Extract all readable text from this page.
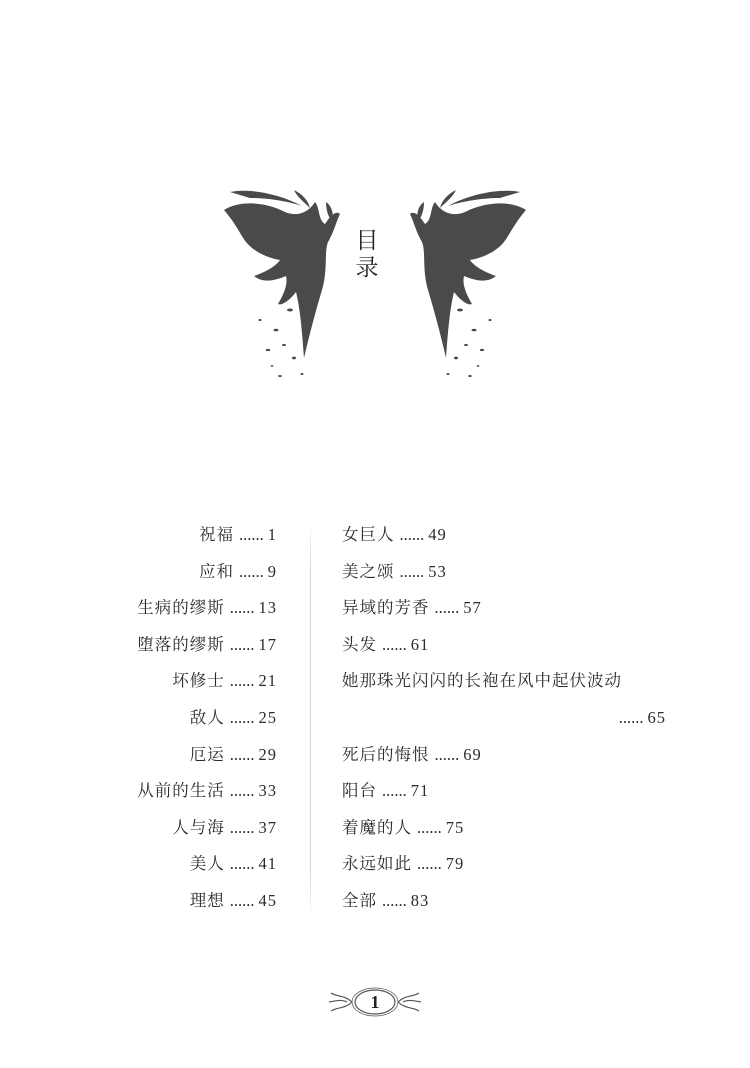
目
录
祝福 ...... 1
应和 ...... 9
生病的缪斯 ...... 13
堕落的缪斯 ...... 17
坏修士 ...... 21
敌人 ...... 25
厄运 ...... 29
从前的生活 ...... 33
人与海 ...... 37
美人 ...... 41
理想 ...... 45
女巨人 ...... 49
美之颂 ...... 53
异域的芳香 ...... 57
头发 ...... 61
她那珠光闪闪的长袍在风中起伏波动
...... 65
死后的悔恨 ...... 69
阳台 ...... 71
着魔的人 ...... 75
永远如此 ...... 79
全部 ...... 83
1
